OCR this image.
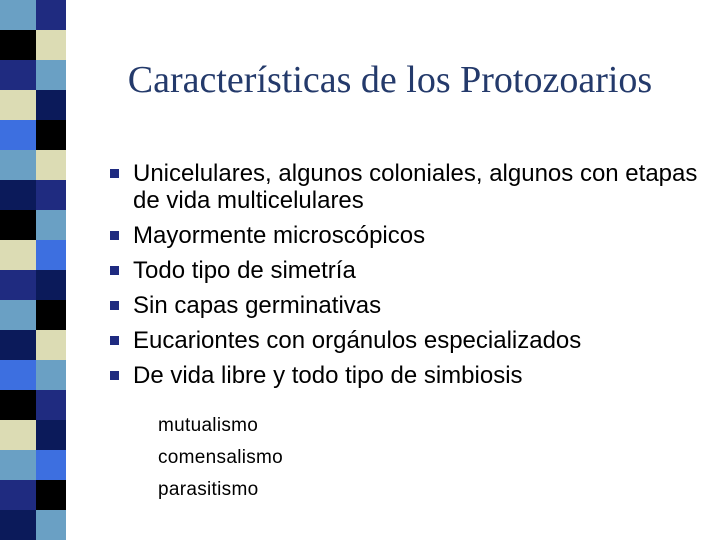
Características de los Protozoarios
Unicelulares, algunos coloniales, algunos con etapas de vida multicelulares
Mayormente microscópicos
Todo tipo de simetría
Sin capas germinativas
Eucariontes con orgánulos especializados
De vida libre y todo tipo de simbiosis
mutualismo
comensalismo
parasitismo
